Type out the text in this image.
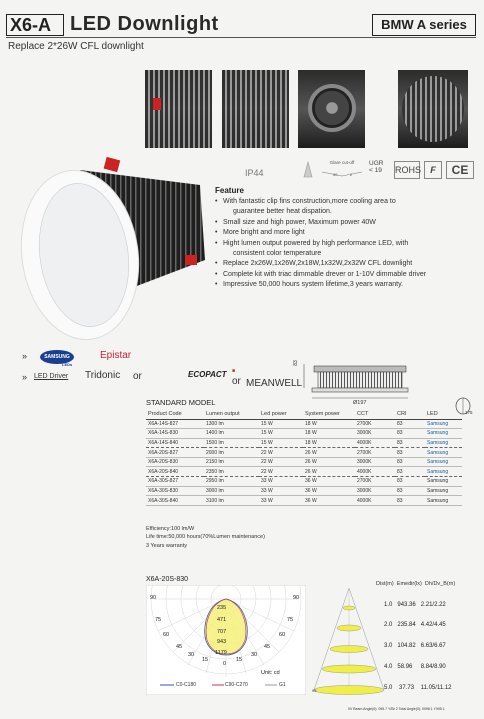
X6-A LED Downlight	BMW A series
Replace 2*26W CFL downlight
IP44
Glare cut-off
30	2
UGR
< 19 ROHS	F	CE
Feature
• With fantastic clip fins construction,more cooling area to
guarantee better heat dispation.
• Small size and high power, Maximum power 40W
• More bright and more light
• Hight lumen output powered by high performance LED, with
consistent color temperature
• Replace 2x26W,1x26W,2x18W,1x32W,2x32W CFL downlight
• Complete kit with triac dimmable drever or 1-10V dimmable driver
• Impressive 50,000 hours system lifetime,3 years warranty.
»	SAMSUNG
LEDs
Epistar
» LED Driver Tridonic or	ECOPACT ■
or MEANWELL
83
Ø197
175
STANDARD MODEL
Product Code	Lumen output	Led power	System power	CCT	CRI	LED
X6A-14S-827	1300 lm	15 W	18 W	2700K	83	Samsung
X6A-14S-830	1400 lm	15 W	18 W	3000K	83	Samsung
X6A-14S-840	1500 lm	15 W	18 W	4000K	83	Samsung
X6A-20S-827	2000 lm	22 W	26 W	2700K	83	Samsung
X6A-20S-830	2150 lm	22 W	26 W	3000K	83	Samsung
X6A-20S-840	2350 lm	22 W	26 W	4000K	83	Samsung
X6A-30S-827	2950 lm	33 W	36 W	2700K	83	Samsung
X6A-30S-830	3000 lm	33 W	36 W	3000K	83	Samsung
X6A-30S-840	3100 lm	33 W	36 W	4000K	83	Samsung
Efficiency:100 lm/W
Life time:50,000 hours(70%Lumen maintenance)
3 Years warranty
X6A-20S-830
90	90
75	75
60	60
45	45
30	30
15
0
15
235
471
707
943
1179
Unit: cd
C0-C180	C90-C270	G1
95
Dist(m) Emedir(lx) Dh/Dv_B(m)
1.0 943.36 2.21/2.22
2.0 235.84 4.42/4.45
3.0 104.82 6.63/6.67
4.0 58.96 8.84/8.90
5.0 37.73 11.05/11.12
0V Beam Angle(0): 095.7 Y/Br 2 Total Angle(0): 0098.1 Y/HB 1
